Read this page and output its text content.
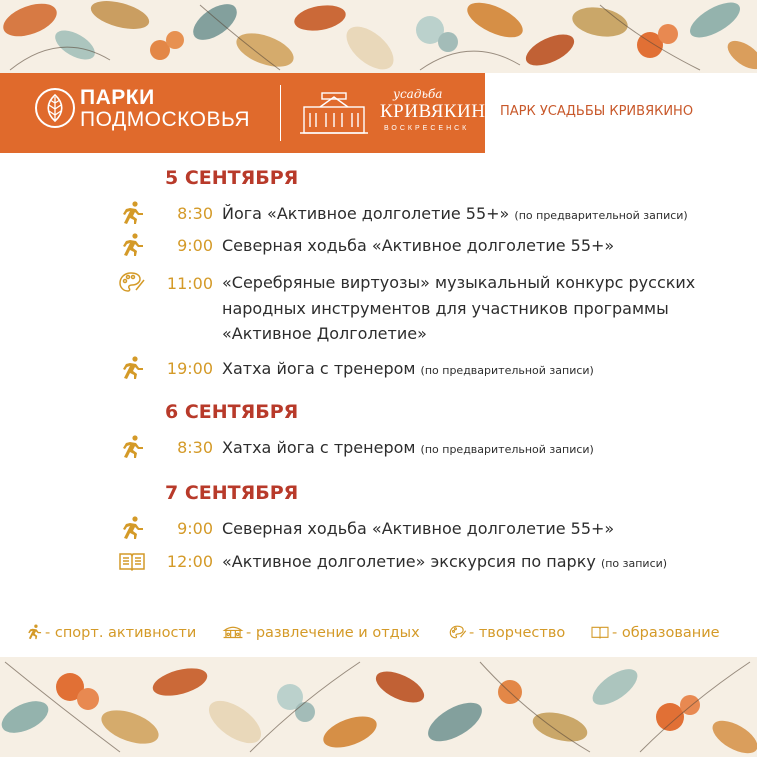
ПАРКИ
ПОДМОСКОВЬЯ
усадьба
КРИВЯКИНО
ВОСКРЕСЕНСК
ПАРК УСАДЬБЫ КРИВЯКИНО
5 СЕНТЯБРЯ
8:30 Йога «Активное долголетие 55+» (по предварительной записи)
9:00 Северная ходьба «Активное долголетие 55+»
11:00 «Серебряные виртуозы» музыкальный конкурс русских
народных инструментов для участников программы
«Активное Долголетие»
19:00 Хатха йога с тренером (по предварительной записи)
6 СЕНТЯБРЯ
8:30 Хатха йога с тренером (по предварительной записи)
7 СЕНТЯБРЯ
9:00 Северная ходьба «Активное долголетие 55+»
12:00 «Активное долголетие» экскурсия по парку (по записи)
- спорт. активности	- развлечение и отдых	- творчество	- образование
